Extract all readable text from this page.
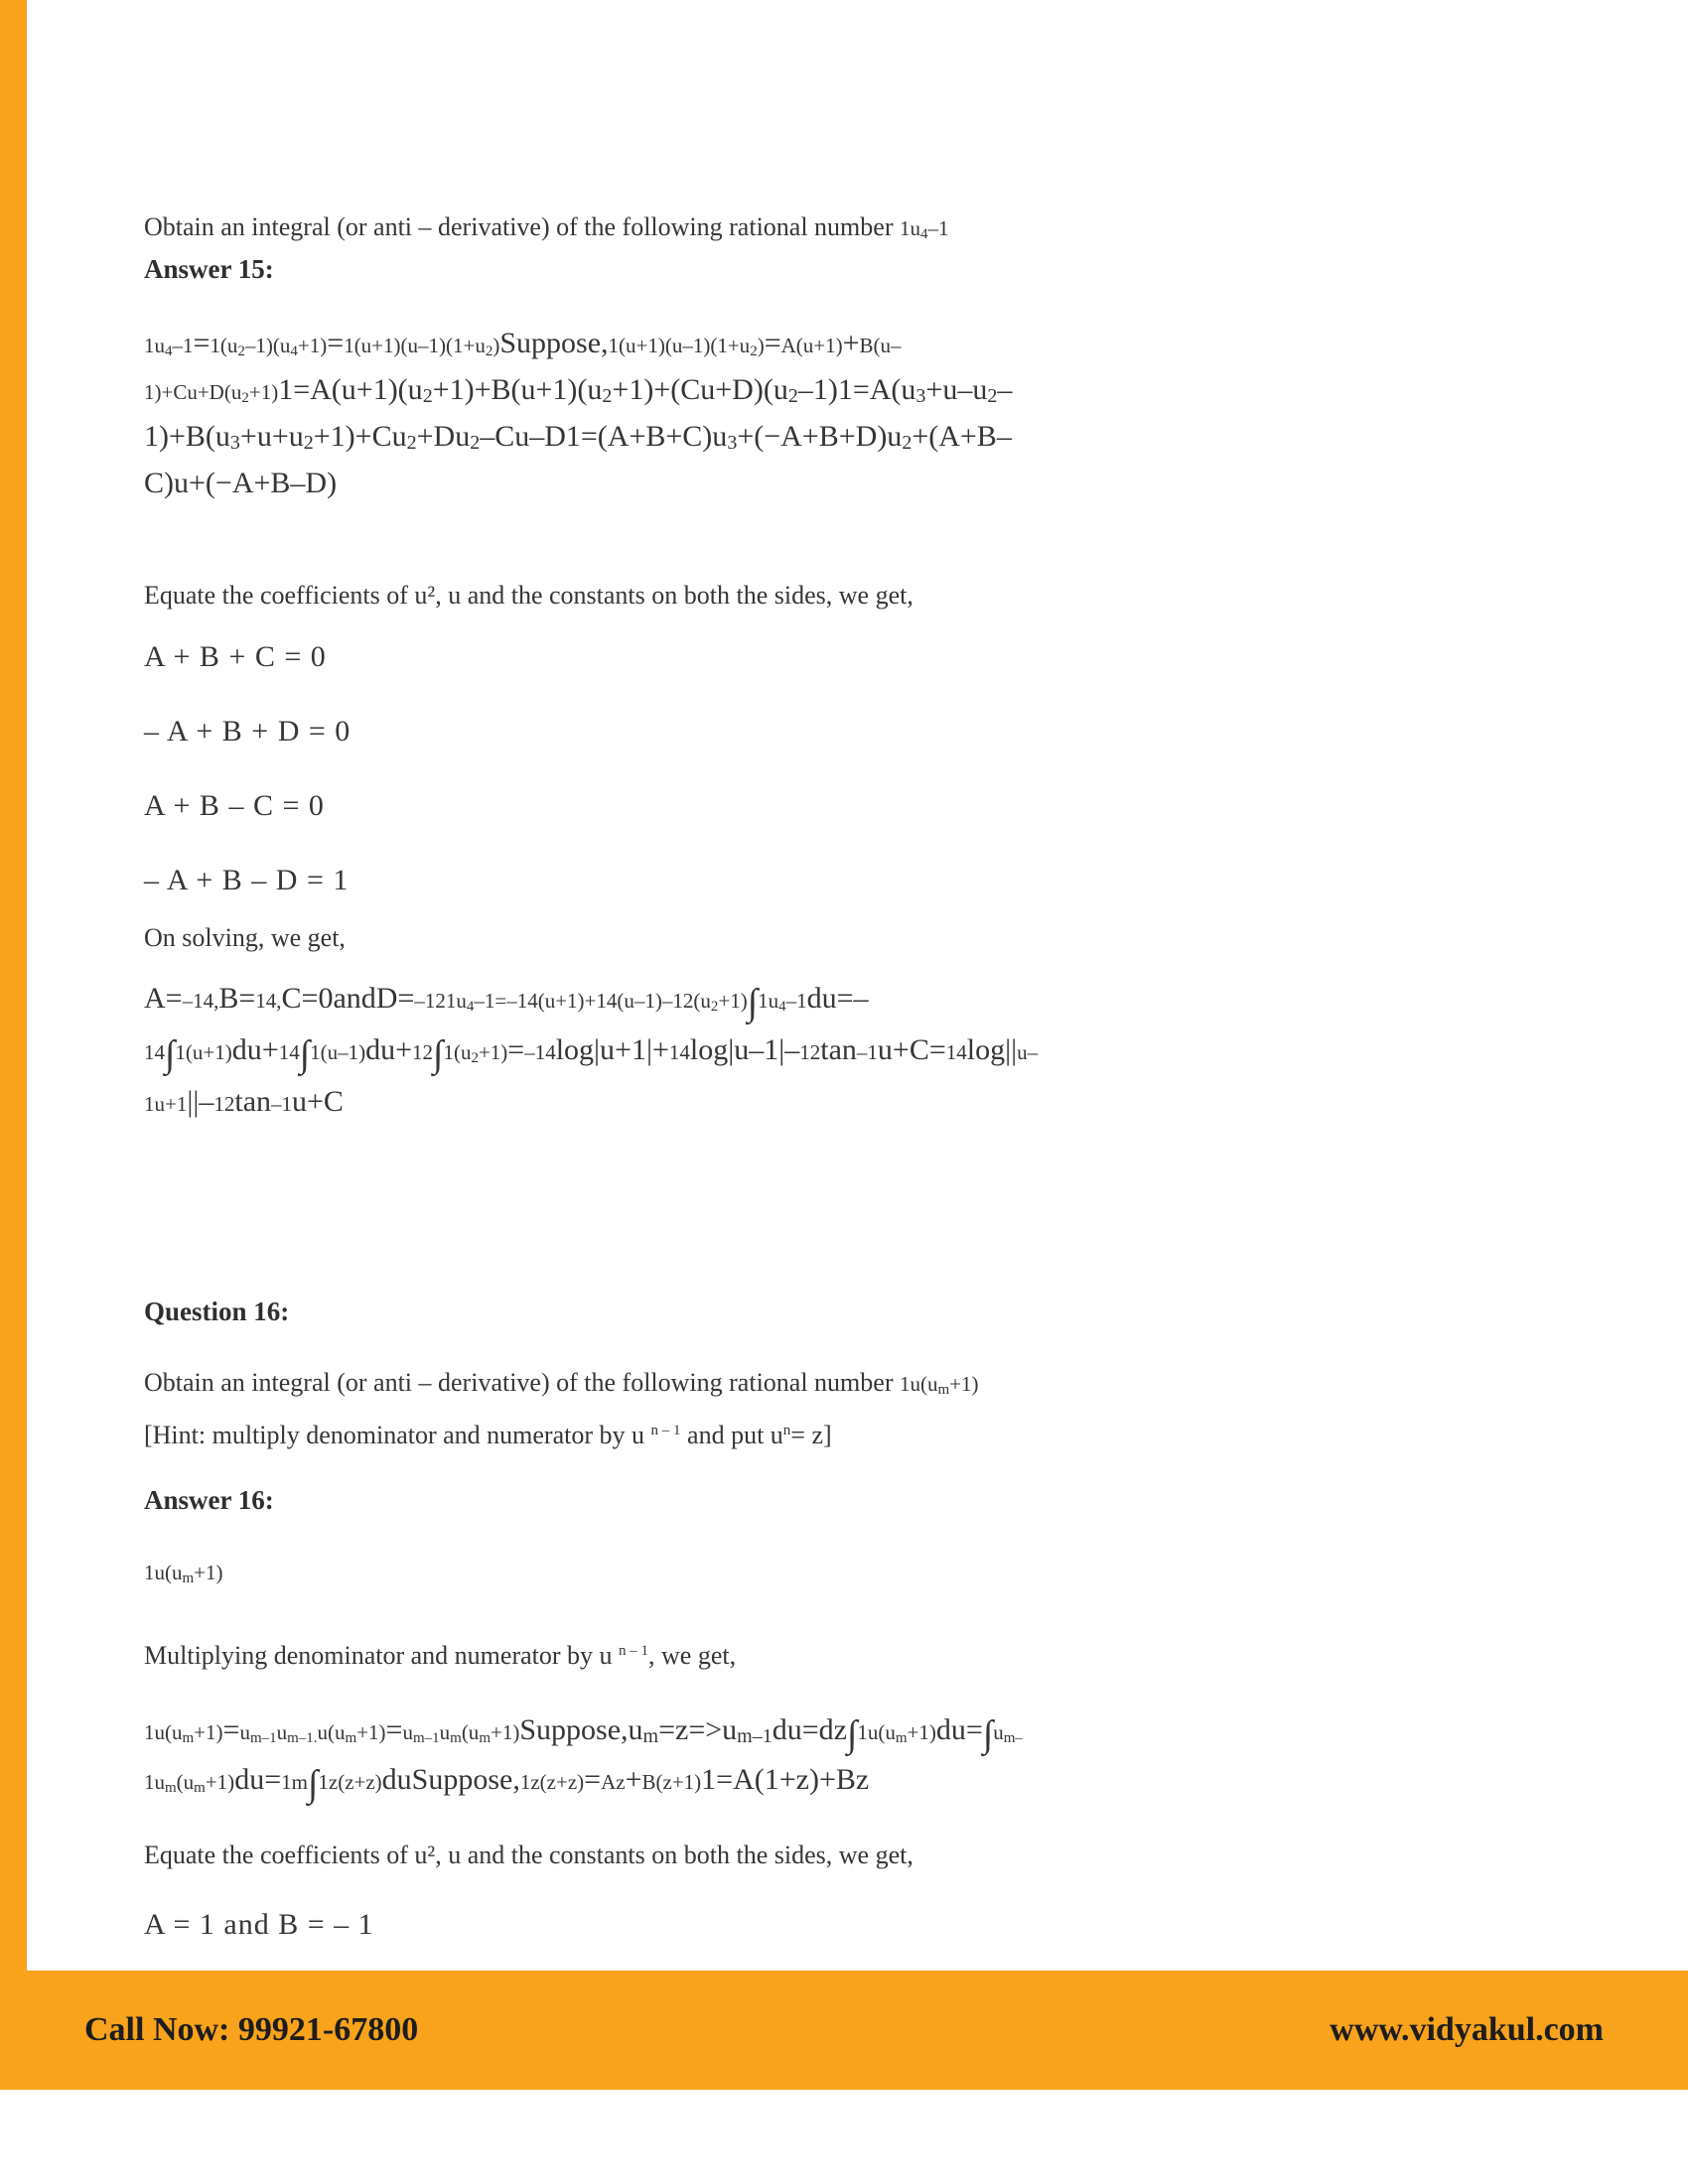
Obtain an integral (or anti – derivative) of the following rational number 1u4–1
Answer 15:
1u4–1=1(u2–1)(u4+1)=1(u+1)(u–1)(1+u2)Suppose,1(u+1)(u–1)(1+u2)=A(u+1)+B(u–
1)+Cu+D(u2+1)1=A(u+1)(u2+1)+B(u+1)(u2+1)+(Cu+D)(u2–1)1=A(u3+u–u2–
1)+B(u3+u+u2+1)+Cu2+Du2–Cu–D1=(A+B+C)u3+(−A+B+D)u2+(A+B–
C)u+(−A+B–D)
Equate the coefficients of u², u and the constants on both the sides, we get,
A + B + C = 0
– A + B + D = 0
A + B – C = 0
– A + B – D = 1
On solving, we get,
A=–14,B=14,C=0andD=–121u4–1=–14(u+1)+14(u–1)–12(u2+1)∫1u4–1du=–
14∫1(u+1)du+14∫1(u–1)du+12∫1(u2+1)=–14log|u+1|+14log|u–1|–12tan–1u+C=14log||u–
1u+1||–12tan–1u+C
Question 16:
Obtain an integral (or anti – derivative) of the following rational number 1u(um+1)
[Hint: multiply denominator and numerator by u $^{n - 1}$ and put $u^n= z$]
Answer 16:
1u(um+1)
Multiplying denominator and numerator by u $^{n - 1}$, we get,
1u(um+1)=um–1um–1.u(um+1)=um–1um(um+1)Suppose,um=z=>um–1du=dz∫1u(um+1)du=∫um–
1um(um+1)du=1m∫1z(z+z)duSuppose,1z(z+z)=Az+B(z+1)1=A(1+z)+Bz
Equate the coefficients of u², u and the constants on both the sides, we get,
A = 1 and B = – 1
Call Now: 99921-67800	www.vidyakul.com
